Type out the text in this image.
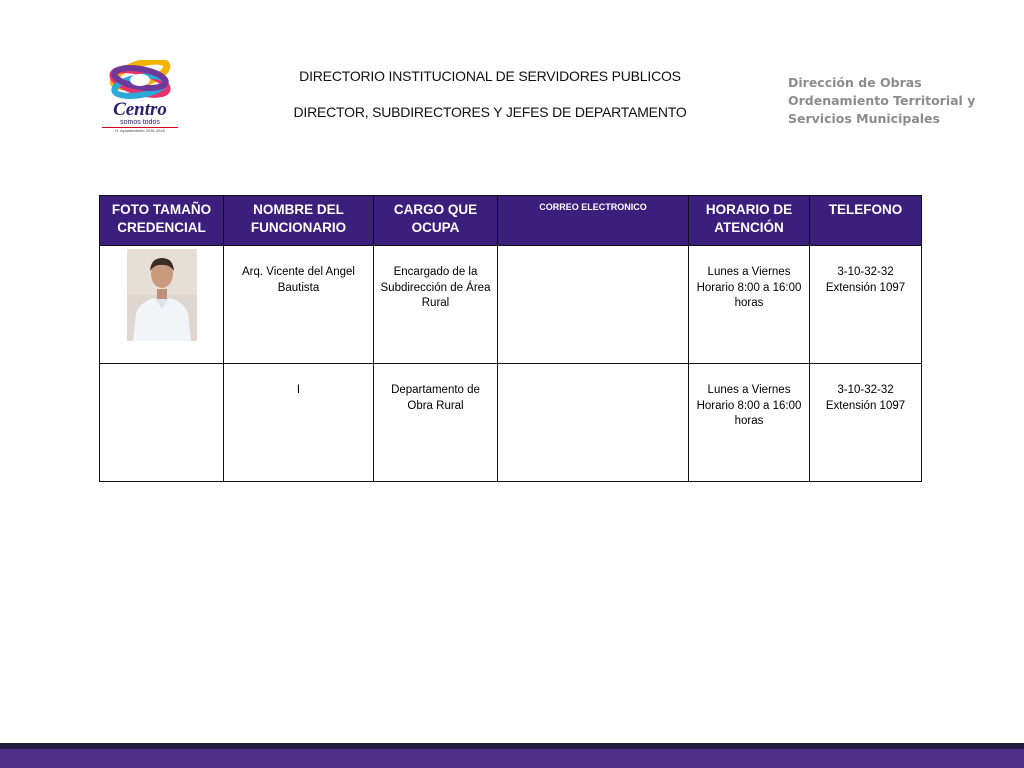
Centro
somos todos
H. Ayuntamiento 2016-2018
DIRECTORIO INSTITUCIONAL DE SERVIDORES PUBLICOS
DIRECTOR, SUBDIRECTORES Y JEFES DE DEPARTAMENTO
Dirección de Obras
Ordenamiento Territorial y
Servicios Municipales
FOTO TAMAÑO CREDENCIAL	NOMBRE DEL FUNCIONARIO	CARGO QUE OCUPA	CORREO ELECTRONICO	HORARIO DE ATENCIÓN	TELEFONO
	Arq. Vicente del Angel Bautista	Encargado de la Subdirección de Área Rural		Lunes a Viernes Horario 8:00 a 16:00 horas	3-10-32-32 Extensión 1097
	I	Departamento de Obra Rural		Lunes a Viernes Horario 8:00 a 16:00 horas	3-10-32-32 Extensión 1097
